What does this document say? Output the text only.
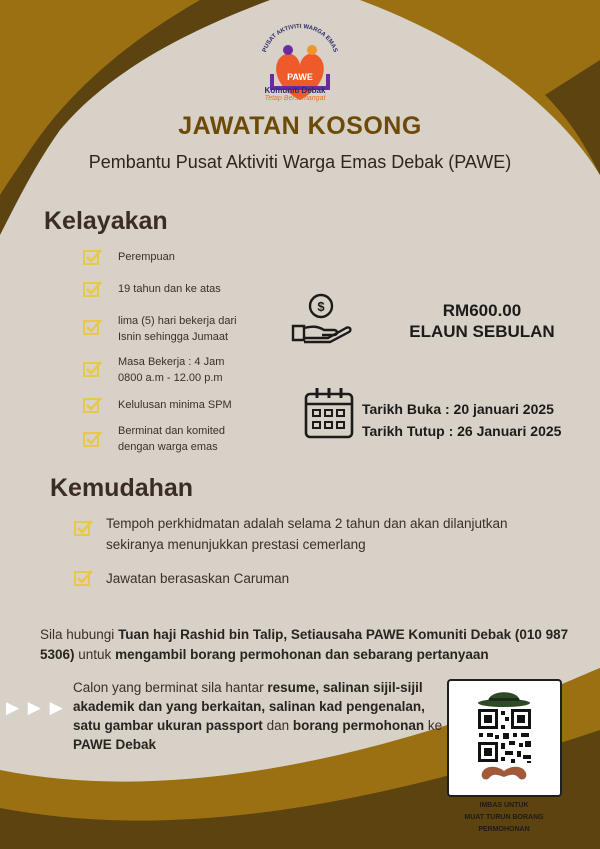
PUSAT AKTIVITI WARGA EMAS
PAWE
Komuniti Debak
Tetap Bersemangat
JAWATAN KOSONG
Pembantu Pusat Aktiviti Warga Emas Debak (PAWE)
Kelayakan
Perempuan
19 tahun dan ke atas
lima (5) hari bekerja dari
Isnin sehingga Jumaat
Masa Bekerja : 4 Jam
0800 a.m - 12.00 p.m
Kelulusan minima SPM
Berminat dan komited
dengan warga emas
$	RM600.00
ELAUN SEBULAN
Tarikh Buka : 20 januari 2025
Tarikh Tutup : 26 Januari 2025
Kemudahan
Tempoh perkhidmatan adalah selama 2 tahun dan akan dilanjutkan
sekiranya menunjukkan prestasi cemerlang
Jawatan berasaskan Caruman
Sila hubungi Tuan haji Rashid bin Talip, Setiausaha PAWE Komuniti Debak (010 987 5306) untuk mengambil borang permohonan dan sebarang pertanyaan
▶ ▶ ▶
Calon yang berminat sila hantar resume, salinan sijil-sijil akademik dan yang berkaitan, salinan kad pengenalan, satu gambar ukuran passport dan borang permohonan ke PAWE Debak
IMBAS UNTUK
MUAT TURUN BORANG
PERMOHONAN
